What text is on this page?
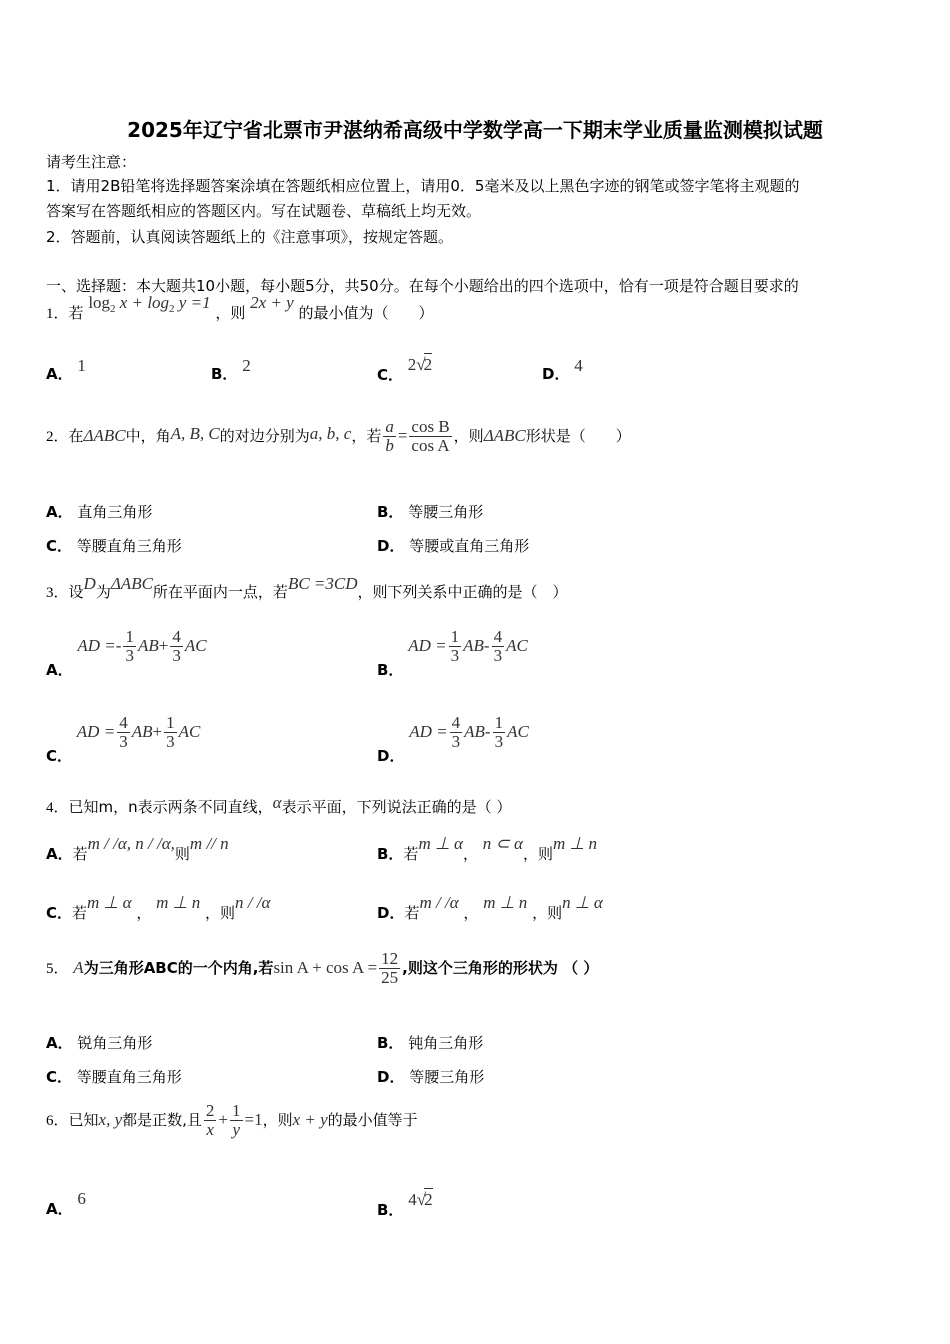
2025年辽宁省北票市尹湛纳希高级中学数学高一下期末学业质量监测模拟试题
请考生注意：
1．请用2B铅笔将选择题答案涂填在答题纸相应位置上，请用0．5毫米及以上黑色字迹的钢笔或签字笔将主观题的
答案写在答题纸相应的答题区内。写在试题卷、草稿纸上均无效。
2．答题前，认真阅读答题纸上的《注意事项》，按规定答题。
一、选择题：本大题共10小题，每小题5分，共50分。在每个小题给出的四个选项中，恰有一项是符合题目要求的
1．若 $\log_2 x + \log_2 y =1$ ，则 2x + y 的最小值为（　　）
A． 1	B． 2	C． 2√2	D． 4
2．在ΔABC中，角A, B, C的对边分别为a, b, c，若 $\frac{a}{b} = \frac{\text{cos B}}{\text{cos A}}$ ，则ΔABC形状是（　　）
A． 直角三角形	B． 等腰三角形
C． 等腰直角三角形	D． 等腰或直角三角形
3．设D为ΔABC所在平面内一点，若BC =3CD，则下列关系中正确的是（　）
A． AD =- $\frac{1}{3} AB+ \frac{4}{3}$ AC
B． AD = $\frac{1}{3} AB- \frac{4}{3}$ AC
C． AD = $\frac{4}{3} AB+ \frac{1}{3}$ AC
D． AD = $\frac{4}{3} AB- \frac{1}{3}$ AC
4．已知m，n表示两条不同直线，α表示平面，下列说法正确的是（ ）
A．若m / /α, n / /α,则m // n
B．若m ⊥ α， n ⊂ α，则m ⊥ n
C．若m ⊥ α ， m ⊥ n ，则n / /α
D．若m / /α ， m ⊥ n ，则n ⊥ α
5． A为三角形ABC的一个内角,若$\sin A + \cos A = \frac{12}{25}$ ,则这个三角形的形状为 （ ）
A． 锐角三角形	B． 钝角三角形
C． 等腰直角三角形	D． 等腰三角形
6．已知x, y都是正数,且 $\frac{2}{x} + \frac{1}{y} =1$，则x + y的最小值等于
A． 6
B． 4√2
